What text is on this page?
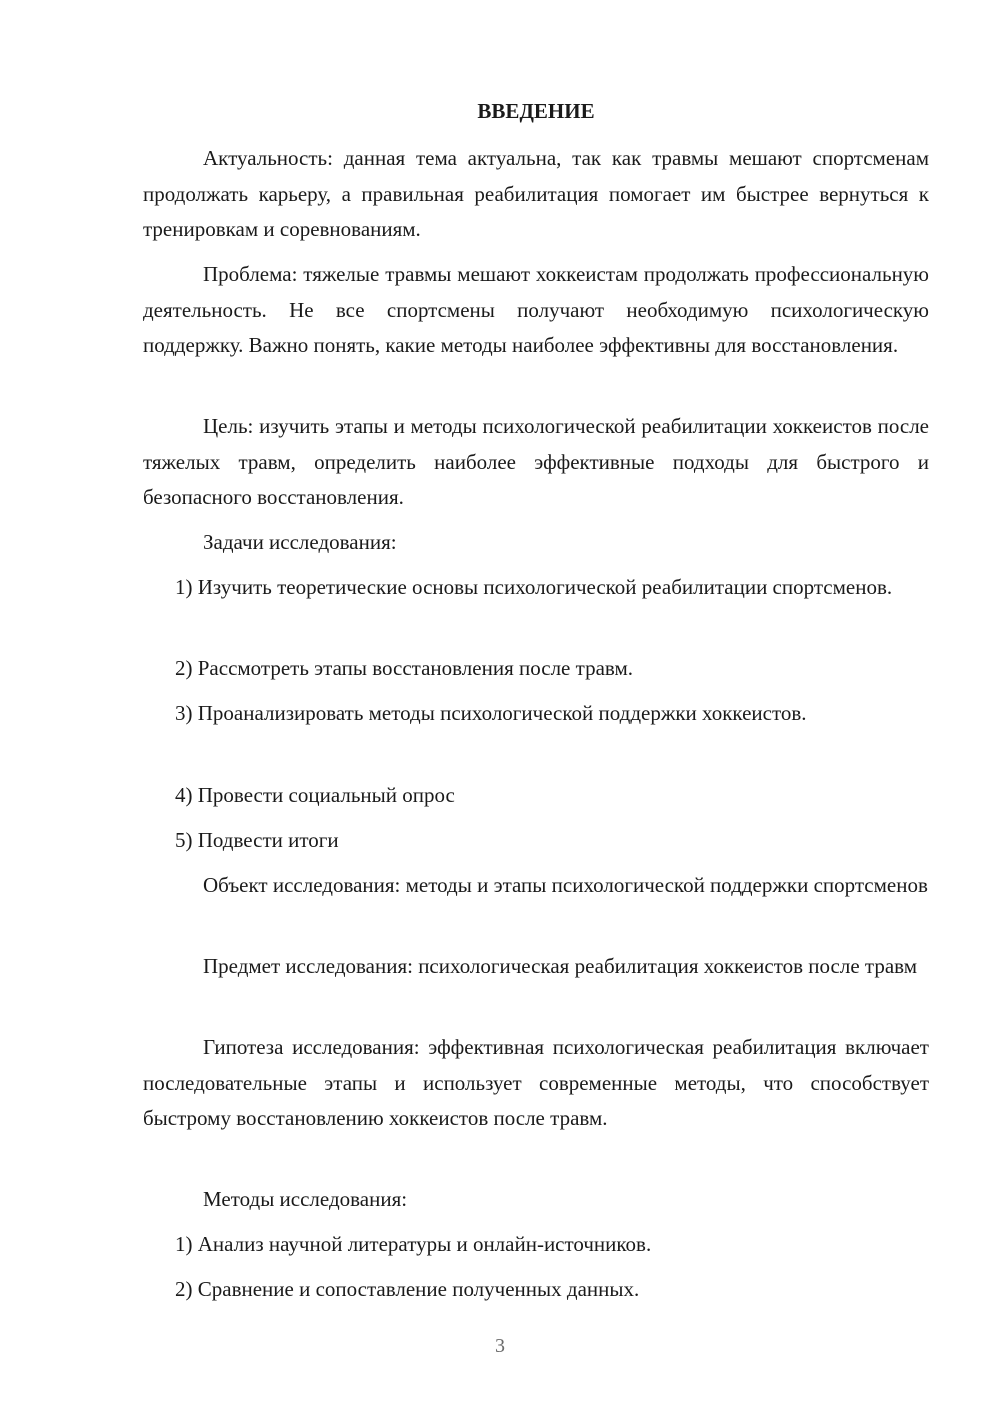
ВВЕДЕНИЕ

Актуальность: данная тема актуальна, так как травмы мешают спортсменам продолжать карьеру, а правильная реабилитация помогает им быстрее вернуться к тренировкам и соревнованиям.

Проблема: тяжелые травмы мешают хоккеистам продолжать профессиональную деятельность. Не все спортсмены получают необходимую психологическую поддержку. Важно понять, какие методы наиболее эффективны для восстановления.

Цель: изучить этапы и методы психологической реабилитации хоккеистов после тяжелых травм, определить наиболее эффективные подходы для быстрого и безопасного восстановления.

Задачи исследования:

1) Изучить теоретические основы психологической реабилитации спортсменов.

2) Рассмотреть этапы восстановления после травм.

3) Проанализировать методы психологической поддержки хоккеистов.

4) Провести социальный опрос

5) Подвести итоги

Объект исследования: методы и этапы психологической поддержки спортсменов

Предмет исследования: психологическая реабилитация хоккеистов после травм

Гипотеза исследования: эффективная психологическая реабилитация включает последовательные этапы и использует современные методы, что способствует быстрому восстановлению хоккеистов после травм.

Методы исследования:

1) Анализ научной литературы и онлайн-источников.

2) Сравнение и сопоставление полученных данных.

3
